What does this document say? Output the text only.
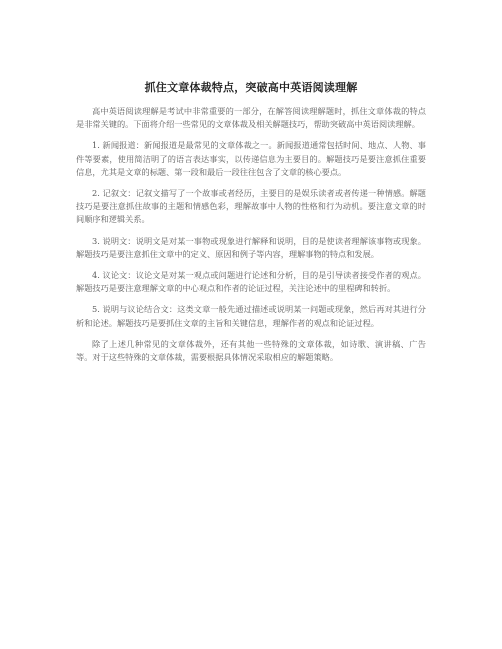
抓住文章体裁特点，突破高中英语阅读理解

高中英语阅读理解是考试中非常重要的一部分，在解答阅读理解题时，抓住文章体裁的特点是非常关键的。下面将介绍一些常见的文章体裁及相关解题技巧，帮助突破高中英语阅读理解。

1. 新闻报道：新闻报道是最常见的文章体裁之一。新闻报道通常包括时间、地点、人物、事件等要素，使用简洁明了的语言表达事实，以传递信息为主要目的。解题技巧是要注意抓住重要信息，尤其是文章的标题、第一段和最后一段往往包含了文章的核心要点。

2. 记叙文：记叙文描写了一个故事或者经历，主要目的是娱乐读者或者传递一种情感。解题技巧是要注意抓住故事的主题和情感色彩，理解故事中人物的性格和行为动机。要注意文章的时间顺序和逻辑关系。

3. 说明文：说明文是对某一事物或现象进行解释和说明，目的是使读者理解该事物或现象。解题技巧是要注意抓住文章中的定义、原因和例子等内容，理解事物的特点和发展。

4. 议论文：议论文是对某一观点或问题进行论述和分析，目的是引导读者接受作者的观点。解题技巧是要注意理解文章的中心观点和作者的论证过程，关注论述中的里程碑和转折。

5. 说明与议论结合文：这类文章一般先通过描述或说明某一问题或现象，然后再对其进行分析和论述。解题技巧是要抓住文章的主旨和关键信息，理解作者的观点和论证过程。

除了上述几种常见的文章体裁外，还有其他一些特殊的文章体裁，如诗歌、演讲稿、广告等。对于这些特殊的文章体裁，需要根据具体情况采取相应的解题策略。
